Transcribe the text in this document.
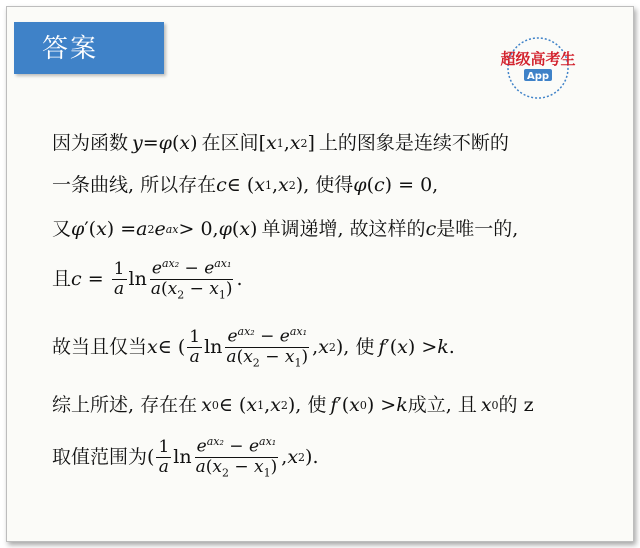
答案	超级高考生
App
因为函数 y = φ ( x ) 在区间 [ x 1 , x 2 ] 上的图象是连续不断的
一条曲线, 所以存在 c ∈ ( x 1 , x 2 ) , 使得 φ ( c ) = 0 ,
又 φ ′( x ) = a 2 e ax > 0, φ ( x ) 单调递增, 故这样的 c 是唯一的,
且 $c = \frac{1}{a}$ $\ln \frac{e^{ax_2} - e^{ax_1}}{a(x_2 - x_1)}$ .
故当且仅当 x ∈ ( $\frac{1}{a}$ $\ln \frac{e^{ax_2} - e^{ax_1}}{a(x_2 - x_1)}$ , x 2 ) , 使 f ′( x ) > k .
综上所述, 存在在 x 0 ∈ ( x 1 , x 2 ) , 使 f ′( x 0 ) > k 成立, 且 x 0 的 z
取值范围为 ( $\frac{1}{a}$ $\ln \frac{e^{ax_2} - e^{ax_1}}{a(x_2 - x_1)}$ , x 2 ) .
